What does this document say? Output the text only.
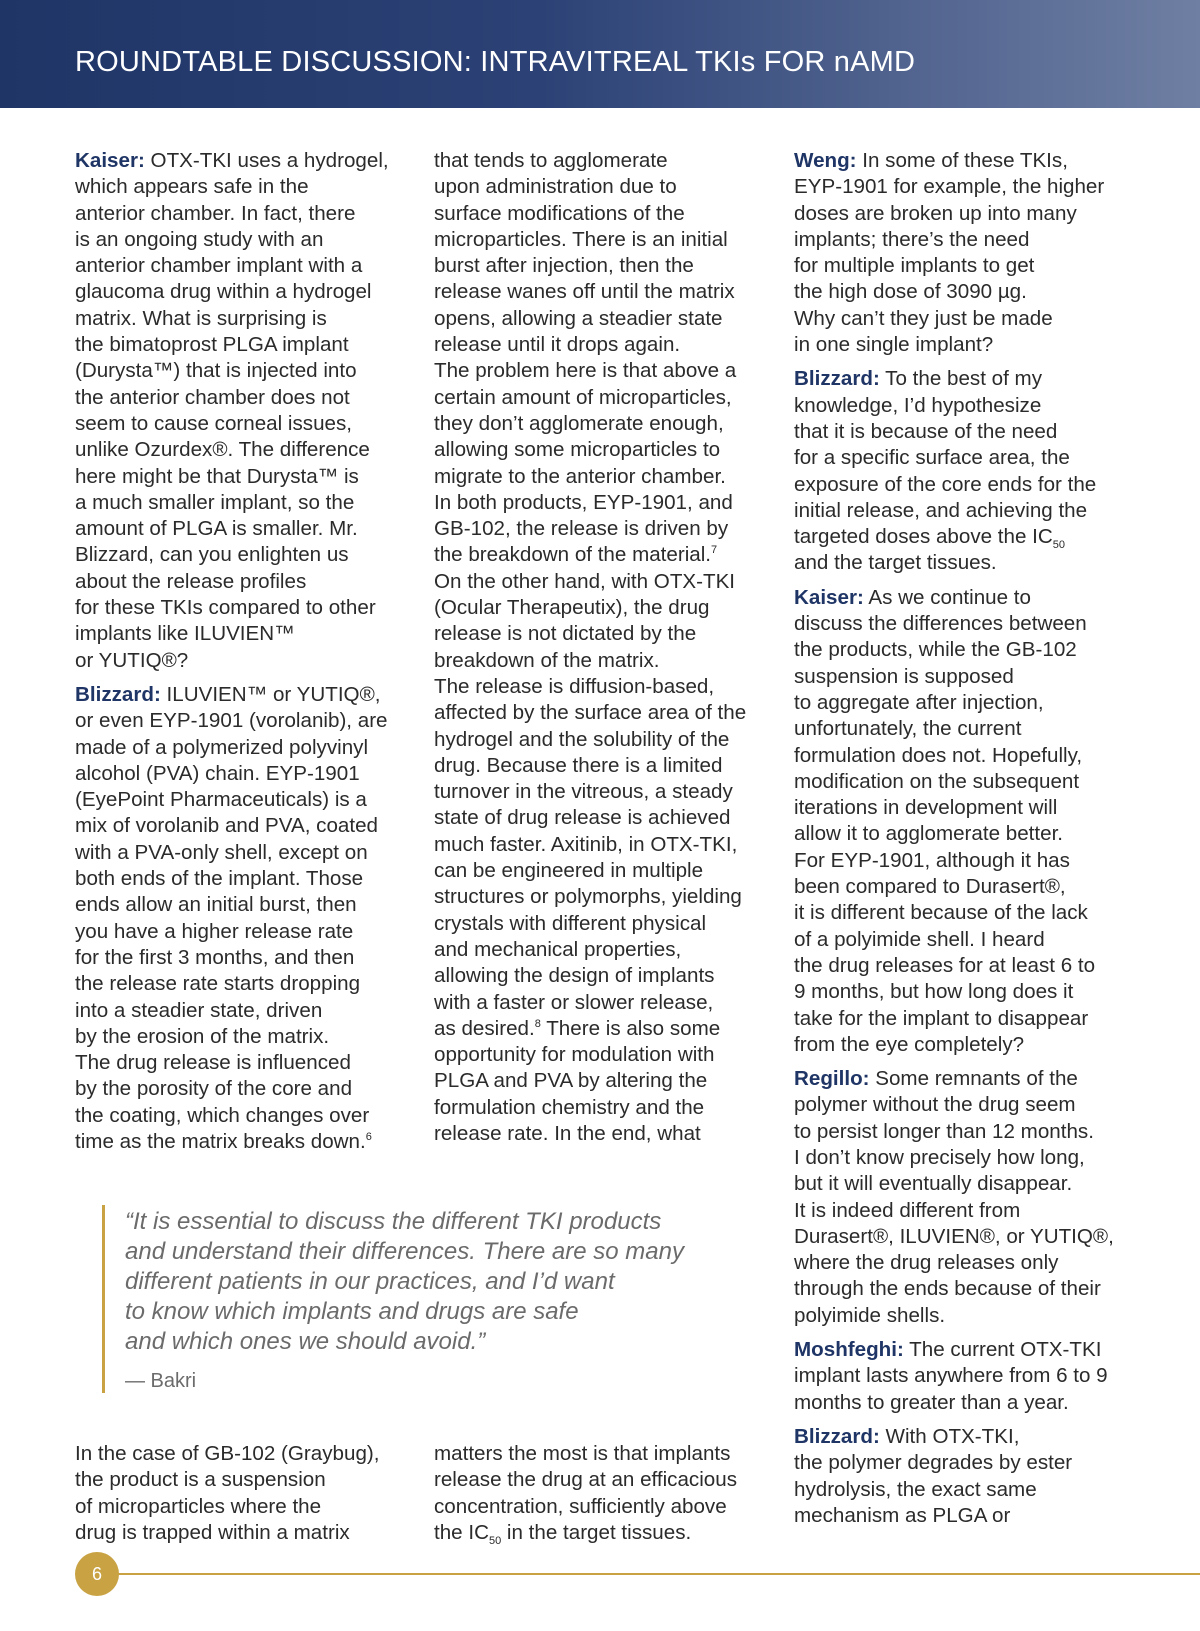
ROUNDTABLE DISCUSSION: INTRAVITREAL TKIs FOR nAMD

Kaiser: OTX-TKI uses a hydrogel,
which appears safe in the
anterior chamber. In fact, there
is an ongoing study with an
anterior chamber implant with a
glaucoma drug within a hydrogel
matrix. What is surprising is
the bimatoprost PLGA implant
(Durysta™) that is injected into
the anterior chamber does not
seem to cause corneal issues,
unlike Ozurdex®. The difference
here might be that Durysta™ is
a much smaller implant, so the
amount of PLGA is smaller. Mr.
Blizzard, can you enlighten us
about the release profiles
for these TKIs compared to other
implants like ILUVIEN™
or YUTIQ®?

Blizzard: ILUVIEN™ or YUTIQ®,
or even EYP-1901 (vorolanib), are
made of a polymerized polyvinyl
alcohol (PVA) chain. EYP-1901
(EyePoint Pharmaceuticals) is a
mix of vorolanib and PVA, coated
with a PVA-only shell, except on
both ends of the implant. Those
ends allow an initial burst, then
you have a higher release rate
for the first 3 months, and then
the release rate starts dropping
into a steadier state, driven
by the erosion of the matrix.
The drug release is influenced
by the porosity of the core and
the coating, which changes over
time as the matrix breaks down.$^6$

In the case of GB-102 (Graybug),
the product is a suspension
of microparticles where the
drug is trapped within a matrix

that tends to agglomerate
upon administration due to
surface modifications of the
microparticles. There is an initial
burst after injection, then the
release wanes off until the matrix
opens, allowing a steadier state
release until it drops again.
The problem here is that above a
certain amount of microparticles,
they don’t agglomerate enough,
allowing some microparticles to
migrate to the anterior chamber.
In both products, EYP-1901, and
GB-102, the release is driven by
the breakdown of the material.$^7$
On the other hand, with OTX-TKI
(Ocular Therapeutix), the drug
release is not dictated by the
breakdown of the matrix.
The release is diffusion-based,
affected by the surface area of the
hydrogel and the solubility of the
drug. Because there is a limited
turnover in the vitreous, a steady
state of drug release is achieved
much faster. Axitinib, in OTX-TKI,
can be engineered in multiple
structures or polymorphs, yielding
crystals with different physical
and mechanical properties,
allowing the design of implants
with a faster or slower release,
as desired.$^8$ There is also some
opportunity for modulation with
PLGA and PVA by altering the
formulation chemistry and the
release rate. In the end, what

matters the most is that implants
release the drug at an efficacious
concentration, sufficiently above
the $IC_{50}$ in the target tissues.

Weng: In some of these TKIs,
EYP-1901 for example, the higher
doses are broken up into many
implants; there’s the need
for multiple implants to get
the high dose of 3090 µg.
Why can’t they just be made
in one single implant?

Blizzard: To the best of my
knowledge, I’d hypothesize
that it is because of the need
for a specific surface area, the
exposure of the core ends for the
initial release, and achieving the
targeted doses above the $IC_{50}$
and the target tissues.

Kaiser: As we continue to
discuss the differences between
the products, while the GB-102
suspension is supposed
to aggregate after injection,
unfortunately, the current
formulation does not. Hopefully,
modification on the subsequent
iterations in development will
allow it to agglomerate better.
For EYP-1901, although it has
been compared to Durasert®,
it is different because of the lack
of a polyimide shell. I heard
the drug releases for at least 6 to
9 months, but how long does it
take for the implant to disappear
from the eye completely?

Regillo: Some remnants of the
polymer without the drug seem
to persist longer than 12 months.
I don’t know precisely how long,
but it will eventually disappear.
It is indeed different from
Durasert®, ILUVIEN®, or YUTIQ®,
where the drug releases only
through the ends because of their
polyimide shells.

Moshfeghi: The current OTX-TKI
implant lasts anywhere from 6 to 9
months to greater than a year.

Blizzard: With OTX-TKI,
the polymer degrades by ester
hydrolysis, the exact same
mechanism as PLGA or

“It is essential to discuss the different TKI products
and understand their differences. There are so many
different patients in our practices, and I’d want
to know which implants and drugs are safe
and which ones we should avoid.”
— Bakri
6
